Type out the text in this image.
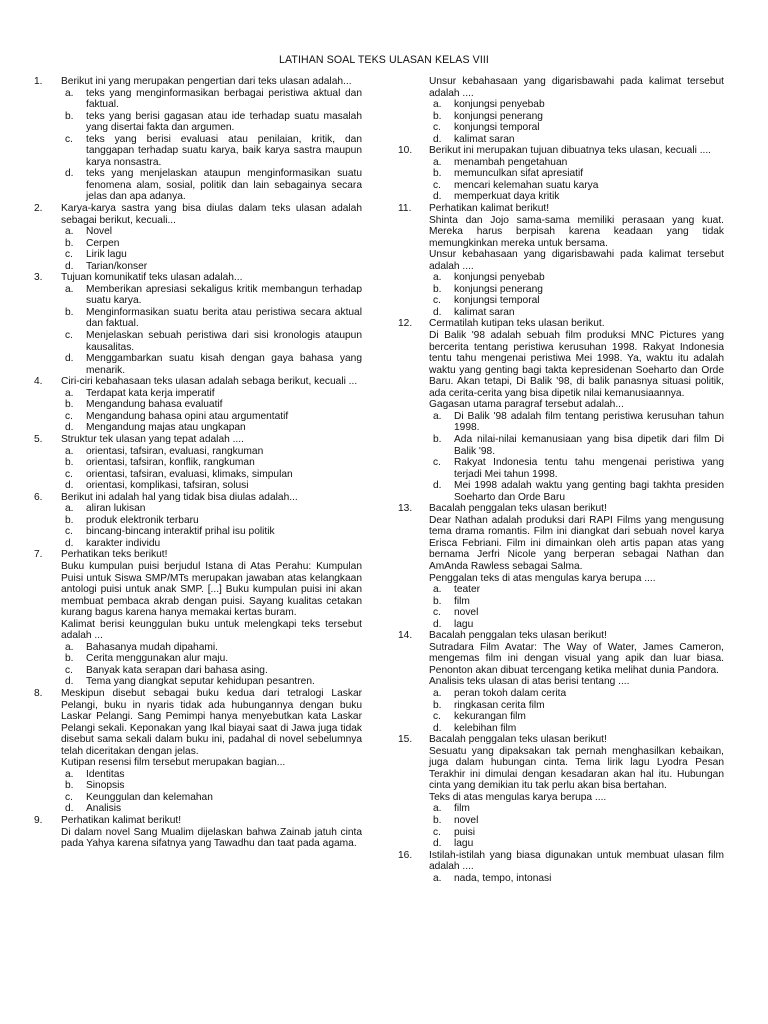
LATIHAN SOAL TEKS ULASAN KELAS VIII
1. Berikut ini yang merupakan pengertian dari teks ulasan adalah...
a. teks yang menginformasikan berbagai peristiwa aktual dan faktual.
b. teks yang berisi gagasan atau ide terhadap suatu masalah yang disertai fakta dan argumen.
c. teks yang berisi evaluasi atau penilaian, kritik, dan tanggapan terhadap suatu karya, baik karya sastra maupun karya nonsastra.
d. teks yang menjelaskan ataupun menginformasikan suatu fenomena alam, sosial, politik dan lain sebagainya secara jelas dan apa adanya.
2. Karya-karya sastra yang bisa diulas dalam teks ulasan adalah sebagai berikut, kecuali...
a. Novel
b. Cerpen
c. Lirik lagu
d. Tarian/konser
3. Tujuan komunikatif teks ulasan adalah...
a. Memberikan apresiasi sekaligus kritik membangun terhadap suatu karya.
b. Menginformasikan suatu berita atau peristiwa secara aktual dan faktual.
c. Menjelaskan sebuah peristiwa dari sisi kronologis ataupun kausalitas.
d. Menggambarkan suatu kisah dengan gaya bahasa yang menarik.
4. Ciri-ciri kebahasaan teks ulasan adalah sebaga berikut, kecuali ...
a. Terdapat kata kerja imperatif
b. Mengandung bahasa evaluatif
c. Mengandung bahasa opini atau argumentatif
d. Mengandung majas atau ungkapan
5. Struktur tek ulasan yang tepat adalah ....
a. orientasi, tafsiran, evaluasi, rangkuman
b. orientasi, tafsiran, konflik, rangkuman
c. orientasi, tafsiran, evaluasi, klimaks, simpulan
d. orientasi, komplikasi, tafsiran, solusi
6. Berikut ini adalah hal yang tidak bisa diulas adalah...
a. aliran lukisan
b. produk elektronik terbaru
c. bincang-bincang interaktif prihal isu politik
d. karakter individu
7. Perhatikan teks berikut!
Buku kumpulan puisi berjudul Istana di Atas Perahu: Kumpulan Puisi untuk Siswa SMP/MTs merupakan jawaban atas kelangkaan antologi puisi untuk anak SMP. [...] Buku kumpulan puisi ini akan membuat pembaca akrab dengan puisi. Sayang kualitas cetakan kurang bagus karena hanya memakai kertas buram.
Kalimat berisi keunggulan buku untuk melengkapi teks tersebut adalah ...
a. Bahasanya mudah dipahami.
b. Cerita menggunakan alur maju.
c. Banyak kata serapan dari bahasa asing.
d. Tema yang diangkat seputar kehidupan pesantren.
8. Meskipun disebut sebagai buku kedua dari tetralogi Laskar Pelangi, buku in nyaris tidak ada hubungannya dengan buku Laskar Pelangi. Sang Pemimpi hanya menyebutkan kata Laskar Pelangi sekali. Keponakan yang Ikal biayai saat di Jawa juga tidak disebut sama sekali dalam buku ini, padahal di novel sebelumnya telah diceritakan dengan jelas.
Kutipan resensi film tersebut merupakan bagian...
a. Identitas
b. Sinopsis
c. Keunggulan dan kelemahan
d. Analisis
9. Perhatikan kalimat berikut!
Di dalam novel Sang Mualim dijelaskan bahwa Zainab jatuh cinta pada Yahya karena sifatnya yang Tawadhu dan taat pada agama.
Unsur kebahasaan yang digarisbawahi pada kalimat tersebut adalah ....
a. konjungsi penyebab
b. konjungsi penerang
c. konjungsi temporal
d. kalimat saran
10. Berikut ini merupakan tujuan dibuatnya teks ulasan, kecuali ....
a. menambah pengetahuan
b. memunculkan sifat apresiatif
c. mencari kelemahan suatu karya
d. memperkuat daya kritik
11. Perhatikan kalimat berikut!
Shinta dan Jojo sama-sama memiliki perasaan yang kuat. Mereka harus berpisah karena keadaan yang tidak memungkinkan mereka untuk bersama.
Unsur kebahasaan yang digarisbawahi pada kalimat tersebut adalah ....
a. konjungsi penyebab
b. konjungsi penerang
c. konjungsi temporal
d. kalimat saran
12. Cermatilah kutipan teks ulasan berikut.
Di Balik '98 adalah sebuah film produksi MNC Pictures yang bercerita tentang peristiwa kerusuhan 1998. Rakyat Indonesia tentu tahu mengenai peristiwa Mei 1998. Ya, waktu itu adalah waktu yang genting bagi takta kepresidenan Soeharto dan Orde Baru. Akan tetapi, Di Balik '98, di balik panasnya situasi politik, ada cerita-cerita yang bisa dipetik nilai kemanusiaannya.
Gagasan utama paragraf tersebut adalah...
a. Di Balik '98 adalah film tentang peristiwa kerusuhan tahun 1998.
b. Ada nilai-nilai kemanusiaan yang bisa dipetik dari film Di Balik '98.
c. Rakyat Indonesia tentu tahu mengenai peristiwa yang terjadi Mei tahun 1998.
d. Mei 1998 adalah waktu yang genting bagi takhta presiden Soeharto dan Orde Baru
13. Bacalah penggalan teks ulasan berikut!
Dear Nathan adalah produksi dari RAPI Films yang mengusung tema drama romantis. Film ini diangkat dari sebuah novel karya Erisca Febriani. Film ini dimainkan oleh artis papan atas yang bernama Jerfri Nicole yang berperan sebagai Nathan dan AmAnda Rawless sebagai Salma.
Penggalan teks di atas mengulas karya berupa ....
a. teater
b. film
c. novel
d. lagu
14. Bacalah penggalan teks ulasan berikut!
Sutradara Film Avatar: The Way of Water, James Cameron, mengemas film ini dengan visual yang apik dan luar biasa. Penonton akan dibuat tercengang ketika melihat dunia Pandora.
Analisis teks ulasan di atas berisi tentang ....
a. peran tokoh dalam cerita
b. ringkasan cerita film
c. kekurangan film
d. kelebihan film
15. Bacalah penggalan teks ulasan berikut!
Sesuatu yang dipaksakan tak pernah menghasilkan kebaikan, juga dalam hubungan cinta. Tema lirik lagu Lyodra Pesan Terakhir ini dimulai dengan kesadaran akan hal itu. Hubungan cinta yang demikian itu tak perlu akan bisa bertahan.
Teks di atas mengulas karya berupa ....
a. film
b. novel
c. puisi
d. lagu
16. Istilah-istilah yang biasa digunakan untuk membuat ulasan film adalah ....
a. nada, tempo, intonasi
